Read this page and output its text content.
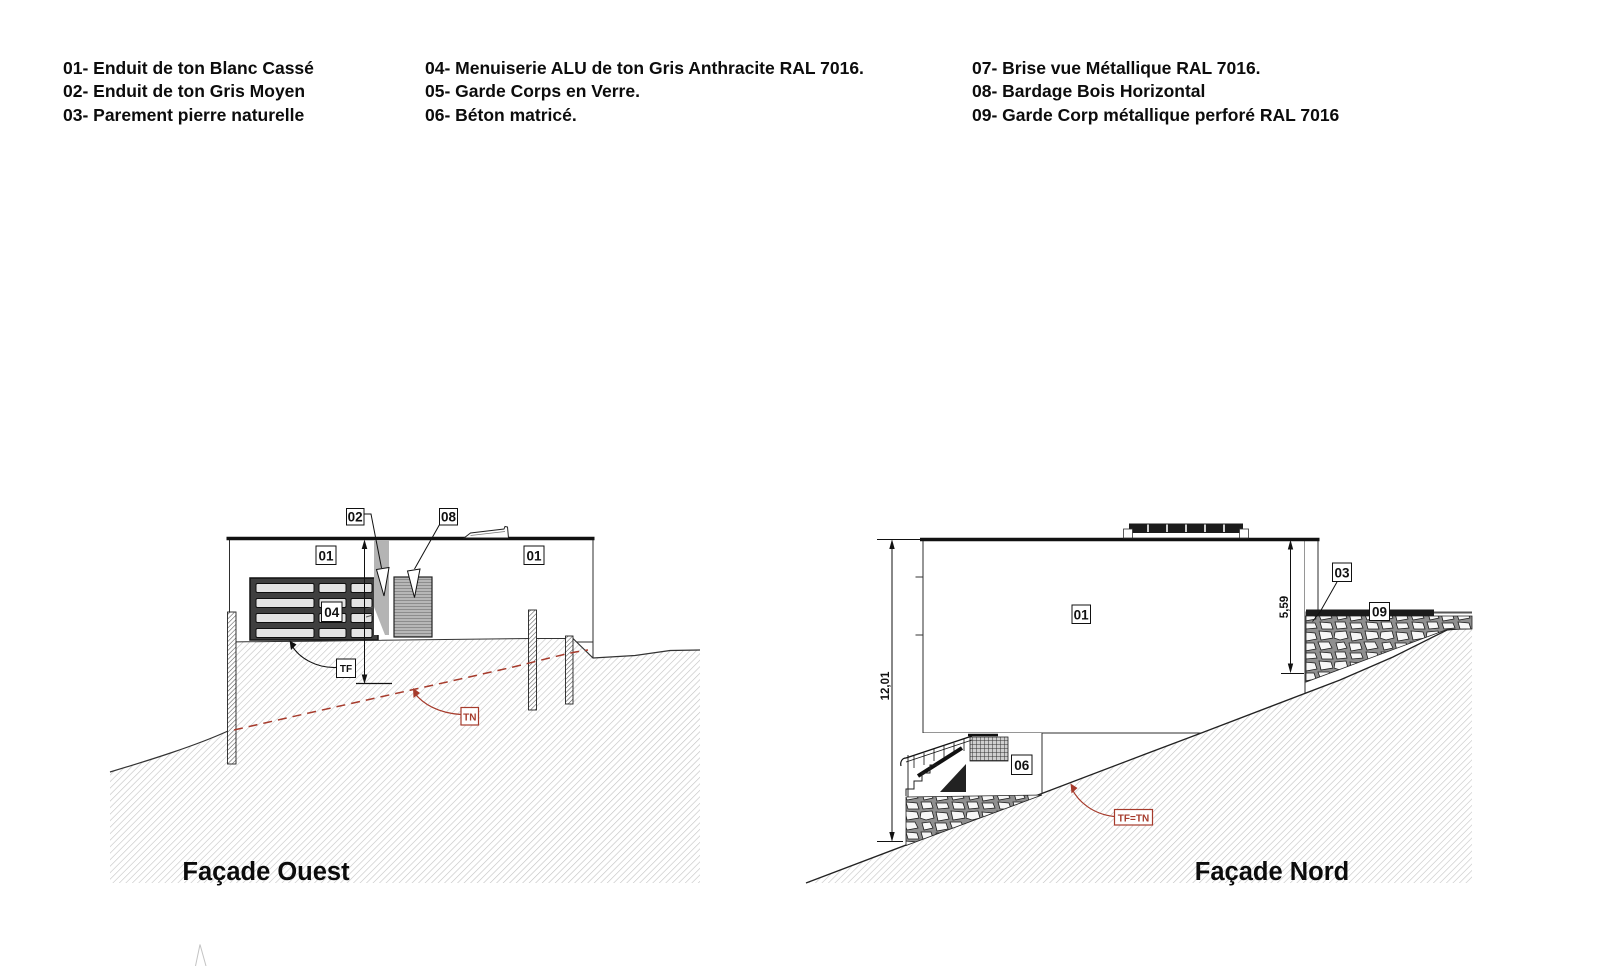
01- Enduit de ton Blanc Cassé
02- Enduit de ton Gris Moyen
03- Parement pierre naturelle
04- Menuiserie ALU de ton Gris Anthracite RAL 7016.
05- Garde Corps en Verre.
06- Béton matricé.
07- Brise vue Métallique RAL 7016.
08- Bardage Bois Horizontal
09- Garde Corp métallique perforé RAL 7016
01	01
02	08
04
TF
TN
Façade Ouest
12,01
5,59
01
03
09
06
TF=TN
Façade Nord
